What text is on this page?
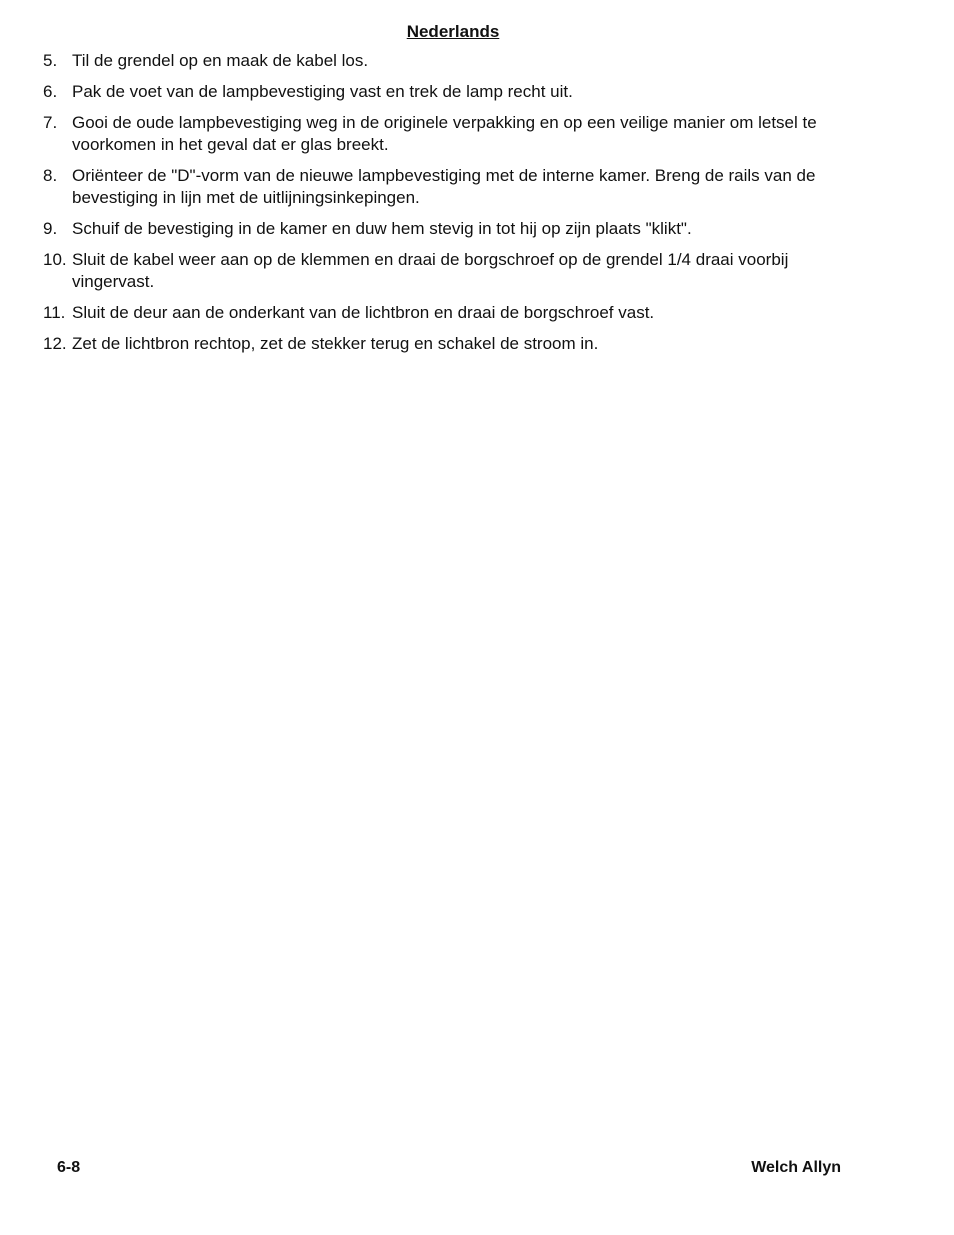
Nederlands
5. Til de grendel op en maak de kabel los.
6. Pak de voet van de lampbevestiging vast en trek de lamp recht uit.
7. Gooi de oude lampbevestiging weg in de originele verpakking en op een veilige manier om letsel te voorkomen in het geval dat er glas breekt.
8. Oriënteer de "D"-vorm van de nieuwe lampbevestiging met de interne kamer. Breng de rails van de bevestiging in lijn met de uitlijningsinkepingen.
9. Schuif de bevestiging in de kamer en duw hem stevig in tot hij op zijn plaats "klikt".
10. Sluit de kabel weer aan op de klemmen en draai de borgschroef op de grendel 1/4 draai voorbij vingervast.
11. Sluit de deur aan de onderkant van de lichtbron en draai de borgschroef vast.
12. Zet de lichtbron rechtop, zet de stekker terug en schakel de stroom in.
6-8	Welch Allyn
